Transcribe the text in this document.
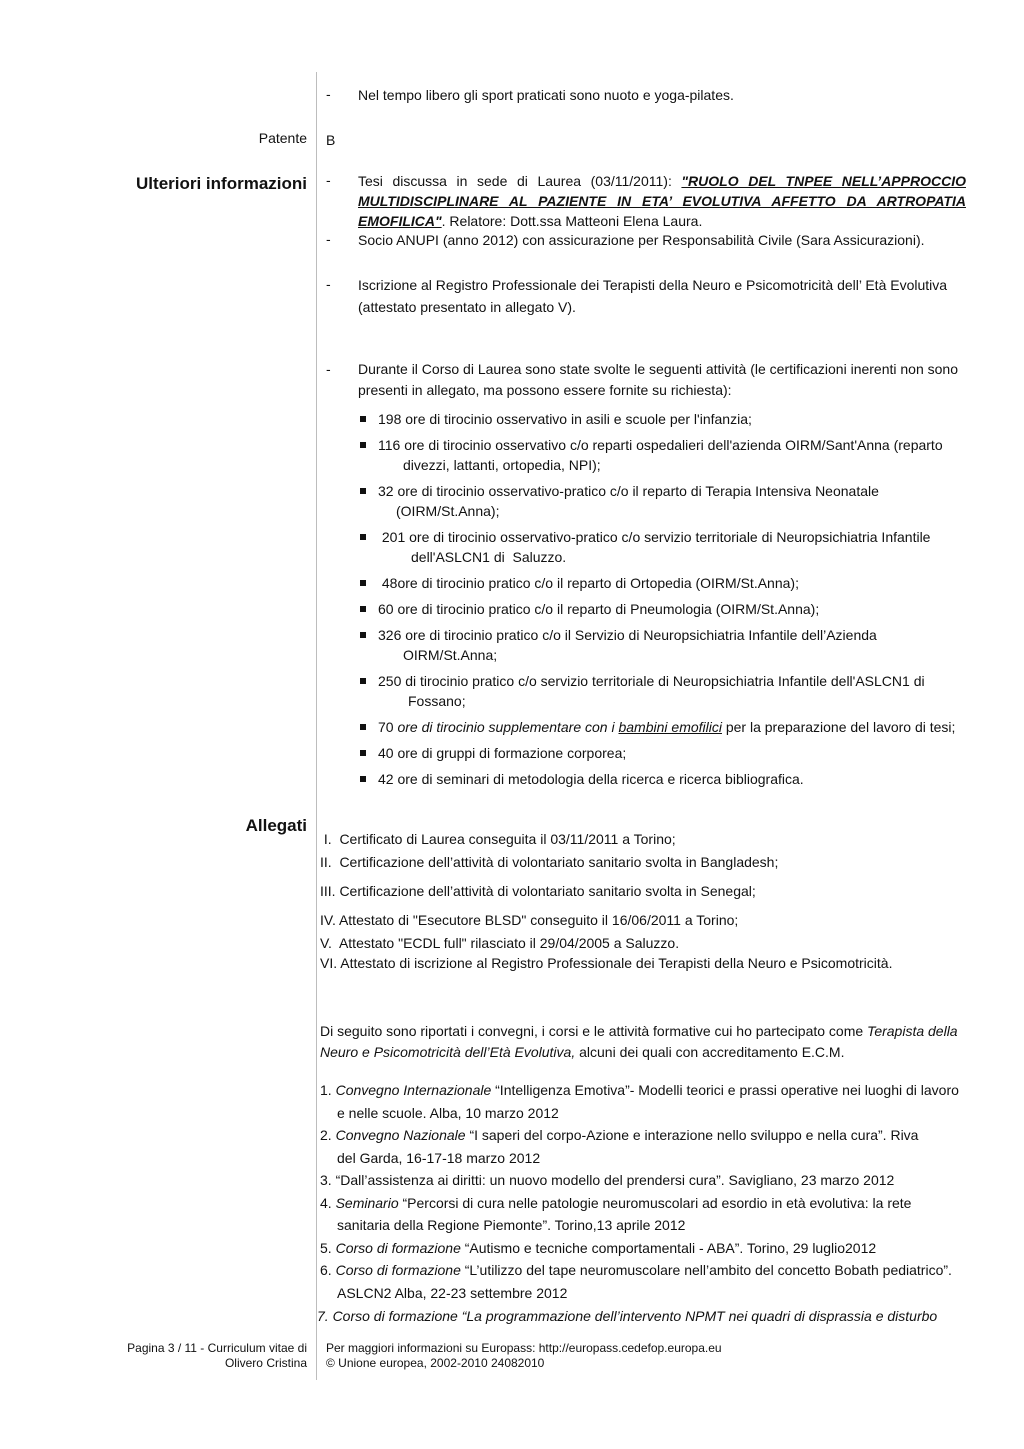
- Nel tempo libero gli sport praticati sono nuoto e yoga-pilates.
Patente B
Ulteriori informazioni - Tesi discussa in sede di Laurea (03/11/2011): "RUOLO DEL TNPEE NELL’APPROCCIO MULTIDISCIPLINARE AL PAZIENTE IN ETA’ EVOLUTIVA AFFETTO DA ARTROPATIA EMOFILICA". Relatore: Dott.ssa Matteoni Elena Laura.
- Socio ANUPI (anno 2012) con assicurazione per Responsabilità Civile (Sara Assicurazioni).
- Iscrizione al Registro Professionale dei Terapisti della Neuro e Psicomotricità dell’ Età Evolutiva
(attestato presentato in allegato V).
- Durante il Corso di Laurea sono state svolte le seguenti attività (le certificazioni inerenti non sono
presenti in allegato, ma possono essere fornite su richiesta):
198 ore di tirocinio osservativo in asili e scuole per l'infanzia;
116 ore di tirocinio osservativo c/o reparti ospedalieri dell'azienda OIRM/Sant'Anna (reparto
divezzi, lattanti, ortopedia, NPI);
32 ore di tirocinio osservativo-pratico c/o il reparto di Terapia Intensiva Neonatale
(OIRM/St.Anna);
201 ore di tirocinio osservativo-pratico c/o servizio territoriale di Neuropsichiatria Infantile
dell'ASLCN1 di  Saluzzo.
48ore di tirocinio pratico c/o il reparto di Ortopedia (OIRM/St.Anna);
60 ore di tirocinio pratico c/o il reparto di Pneumologia (OIRM/St.Anna);
326 ore di tirocinio pratico c/o il Servizio di Neuropsichiatria Infantile dell’Azienda
OIRM/St.Anna;
250 di tirocinio pratico c/o servizio territoriale di Neuropsichiatria Infantile dell'ASLCN1 di
Fossano;
70 ore di tirocinio supplementare con i bambini emofilici per la preparazione del lavoro di tesi;
40 ore di gruppi di formazione corporea;
42 ore di seminari di metodologia della ricerca e ricerca bibliografica.
Allegati
I.  Certificato di Laurea conseguita il 03/11/2011 a Torino;
II.  Certificazione dell’attività di volontariato sanitario svolta in Bangladesh;
III. Certificazione dell’attività di volontariato sanitario svolta in Senegal;
IV. Attestato di "Esecutore BLSD" conseguito il 16/06/2011 a Torino;
V.  Attestato "ECDL full" rilasciato il 29/04/2005 a Saluzzo.
VI. Attestato di iscrizione al Registro Professionale dei Terapisti della Neuro e Psicomotricità.
Di seguito sono riportati i convegni, i corsi e le attività formative cui ho partecipato come Terapista della Neuro e Psicomotricità dell’Età Evolutiva, alcuni dei quali con accreditamento E.C.M.
1. Convegno Internazionale “Intelligenza Emotiva”- Modelli teorici e prassi operative nei luoghi di lavoro
e nelle scuole. Alba, 10 marzo 2012
2. Convegno Nazionale “I saperi del corpo-Azione e interazione nello sviluppo e nella cura”. Riva
del Garda, 16-17-18 marzo 2012
3. “Dall’assistenza ai diritti: un nuovo modello del prendersi cura”. Savigliano, 23 marzo 2012
4. Seminario “Percorsi di cura nelle patologie neuromuscolari ad esordio in età evolutiva: la rete
sanitaria della Regione Piemonte”. Torino,13 aprile 2012
5. Corso di formazione “Autismo e tecniche comportamentali - ABA”. Torino, 29 luglio2012
6. Corso di formazione “L’utilizzo del tape neuromuscolare nell’ambito del concetto Bobath pediatrico”.
ASLCN2 Alba, 22-23 settembre 2012
7. Corso di formazione “La programmazione dell’intervento NPMT nei quadri di disprassia e disturbo
Pagina 3 / 11 - Curriculum vitae di
Olivero Cristina
Per maggiori informazioni su Europass: http://europass.cedefop.europa.eu
© Unione europea, 2002-2010 24082010
